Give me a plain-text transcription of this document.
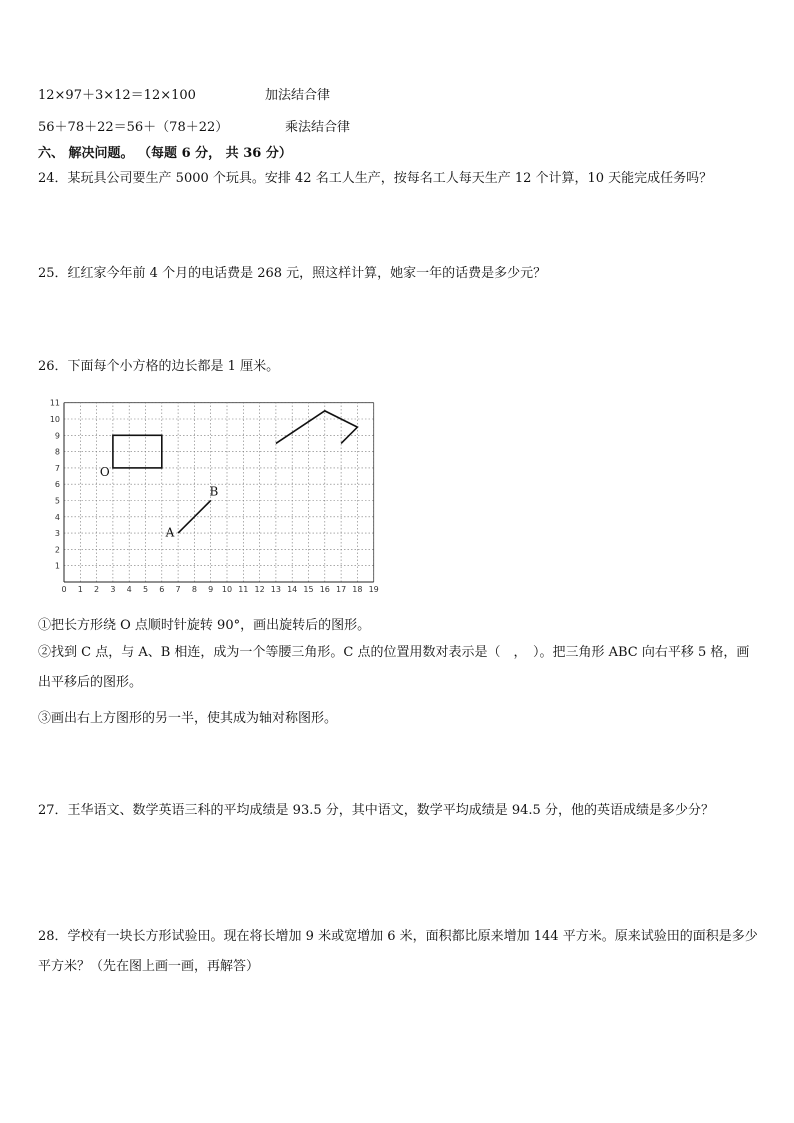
12×97＋3×12＝12×100	加法结合律
56＋78＋22＝56＋（78＋22）	乘法结合律
六、 解决问题。 （每题 6 分， 共 36 分）
24．某玩具公司要生产 5000 个玩具。安排 42 名工人生产，按每名工人每天生产 12 个计算，10 天能完成任务吗？
25．红红家今年前 4 个月的电话费是 268 元，照这样计算，她家一年的话费是多少元？
26．下面每个小方格的边长都是 1 厘米。
0 1 2 3 4 5 6 7 8 9 10 11 12 13 14 15 16 17 18 19
1
2
3
4
5
6
7
8
9
10
11
O
A
B
①把长方形绕 O 点顺时针旋转 90°，画出旋转后的图形。
②找到 C 点，与 A、B 相连，成为一个等腰三角形。C 点的位置用数对表示是（　，　）。把三角形 ABC 向右平移 5 格，画出平移后的图形。
③画出右上方图形的另一半，使其成为轴对称图形。
27．王华语文、数学英语三科的平均成绩是 93.5 分，其中语文，数学平均成绩是 94.5 分，他的英语成绩是多少分？
28．学校有一块长方形试验田。现在将长增加 9 米或宽增加 6 米，面积都比原来增加 144 平方米。原来试验田的面积是多少平方米？（先在图上画一画，再解答）
